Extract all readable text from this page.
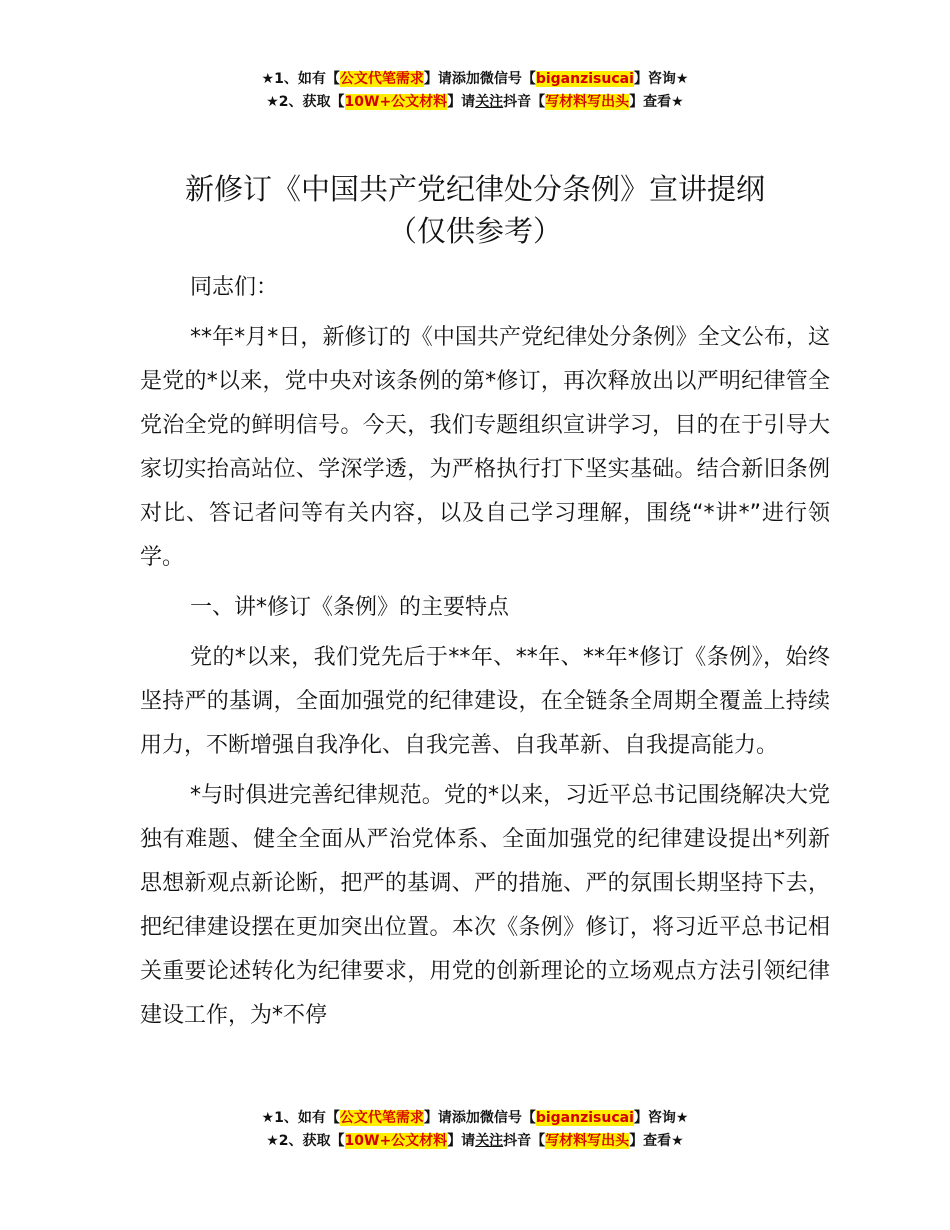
★1、如有【公文代笔需求】请添加微信号【biganzisucai】咨询★
★2、获取【10W+公文材料】请关注抖音【写材料写出头】查看★
新修订《中国共产党纪律处分条例》宣讲提纲
（仅供参考）

同志们：

**年*月*日，新修订的《中国共产党纪律处分条例》全文公布，这是党的*以来，党中央对该条例的第*修订，再次释放出以严明纪律管全党治全党的鲜明信号。今天，我们专题组织宣讲学习，目的在于引导大家切实抬高站位、学深学透，为严格执行打下坚实基础。结合新旧条例对比、答记者问等有关内容，以及自己学习理解，围绕“*讲*”进行领学。

一、讲*修订《条例》的主要特点

党的*以来，我们党先后于**年、**年、**年*修订《条例》，始终坚持严的基调，全面加强党的纪律建设，在全链条全周期全覆盖上持续用力，不断增强自我净化、自我完善、自我革新、自我提高能力。

*与时俱进完善纪律规范。党的*以来，习近平总书记围绕解决大党独有难题、健全全面从严治党体系、全面加强党的纪律建设提出*列新思想新观点新论断，把严的基调、严的措施、严的氛围长期坚持下去，把纪律建设摆在更加突出位置。本次《条例》修订，将习近平总书记相关重要论述转化为纪律要求，用党的创新理论的立场观点方法引领纪律建设工作，为*不停

★1、如有【公文代笔需求】请添加微信号【biganzisucai】咨询★
★2、获取【10W+公文材料】请关注抖音【写材料写出头】查看★
